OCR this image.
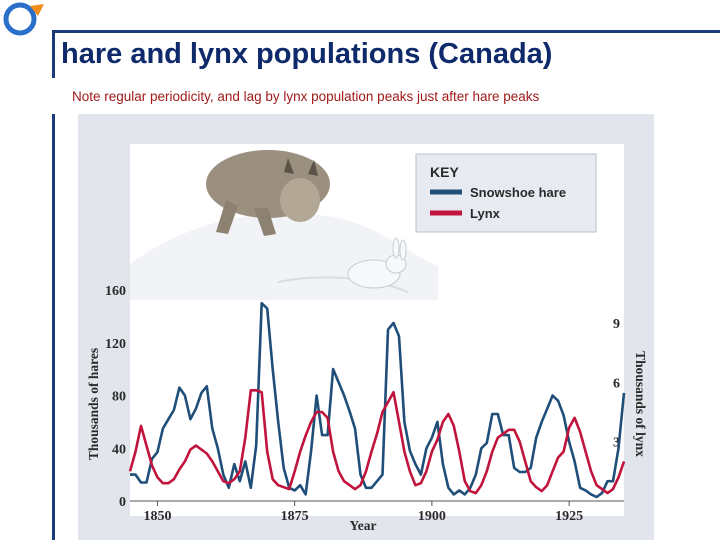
hare and lynx populations (Canada)

Note regular periodicity, and lag by lynx population peaks just after hare peaks

KEY
Snowshoe hare
Lynx
0
40
80
120
160
3
6
9
1850	1875	1900	1925
Thousands of hares	Thousands of lynx
Year
